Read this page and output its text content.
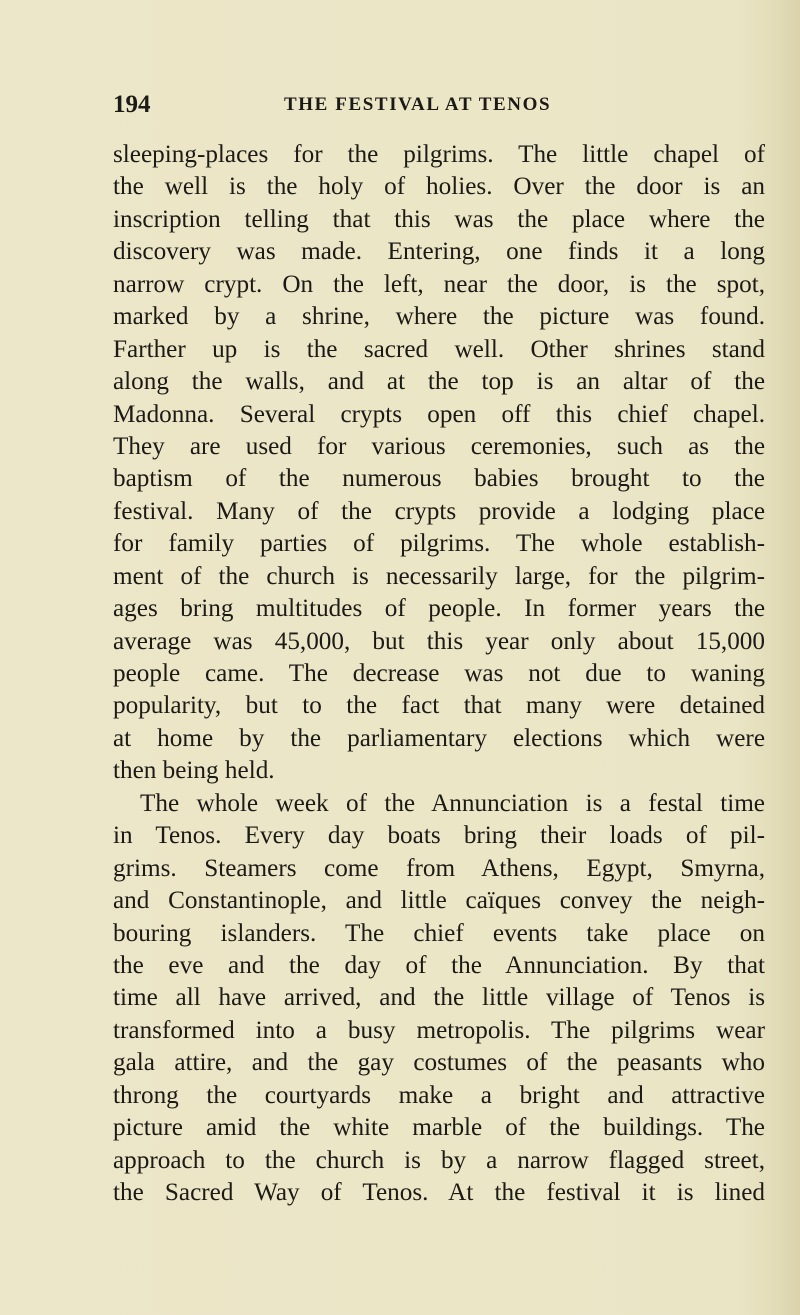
194	THE FESTIVAL AT TENOS
sleeping-places for the pilgrims. The little chapel of
the well is the holy of holies. Over the door is an
inscription telling that this was the place where the
discovery was made. Entering, one finds it a long
narrow crypt. On the left, near the door, is the spot,
marked by a shrine, where the picture was found.
Farther up is the sacred well. Other shrines stand
along the walls, and at the top is an altar of the
Madonna. Several crypts open off this chief chapel.
They are used for various ceremonies, such as the
baptism of the numerous babies brought to the
festival. Many of the crypts provide a lodging place
for family parties of pilgrims. The whole establish-
ment of the church is necessarily large, for the pilgrim-
ages bring multitudes of people. In former years the
average was 45,000, but this year only about 15,000
people came. The decrease was not due to waning
popularity, but to the fact that many were detained
at home by the parliamentary elections which were
then being held.
The whole week of the Annunciation is a festal time
in Tenos. Every day boats bring their loads of pil-
grims. Steamers come from Athens, Egypt, Smyrna,
and Constantinople, and little caïques convey the neigh-
bouring islanders. The chief events take place on
the eve and the day of the Annunciation. By that
time all have arrived, and the little village of Tenos is
transformed into a busy metropolis. The pilgrims wear
gala attire, and the gay costumes of the peasants who
throng the courtyards make a bright and attractive
picture amid the white marble of the buildings. The
approach to the church is by a narrow flagged street,
the Sacred Way of Tenos. At the festival it is lined
